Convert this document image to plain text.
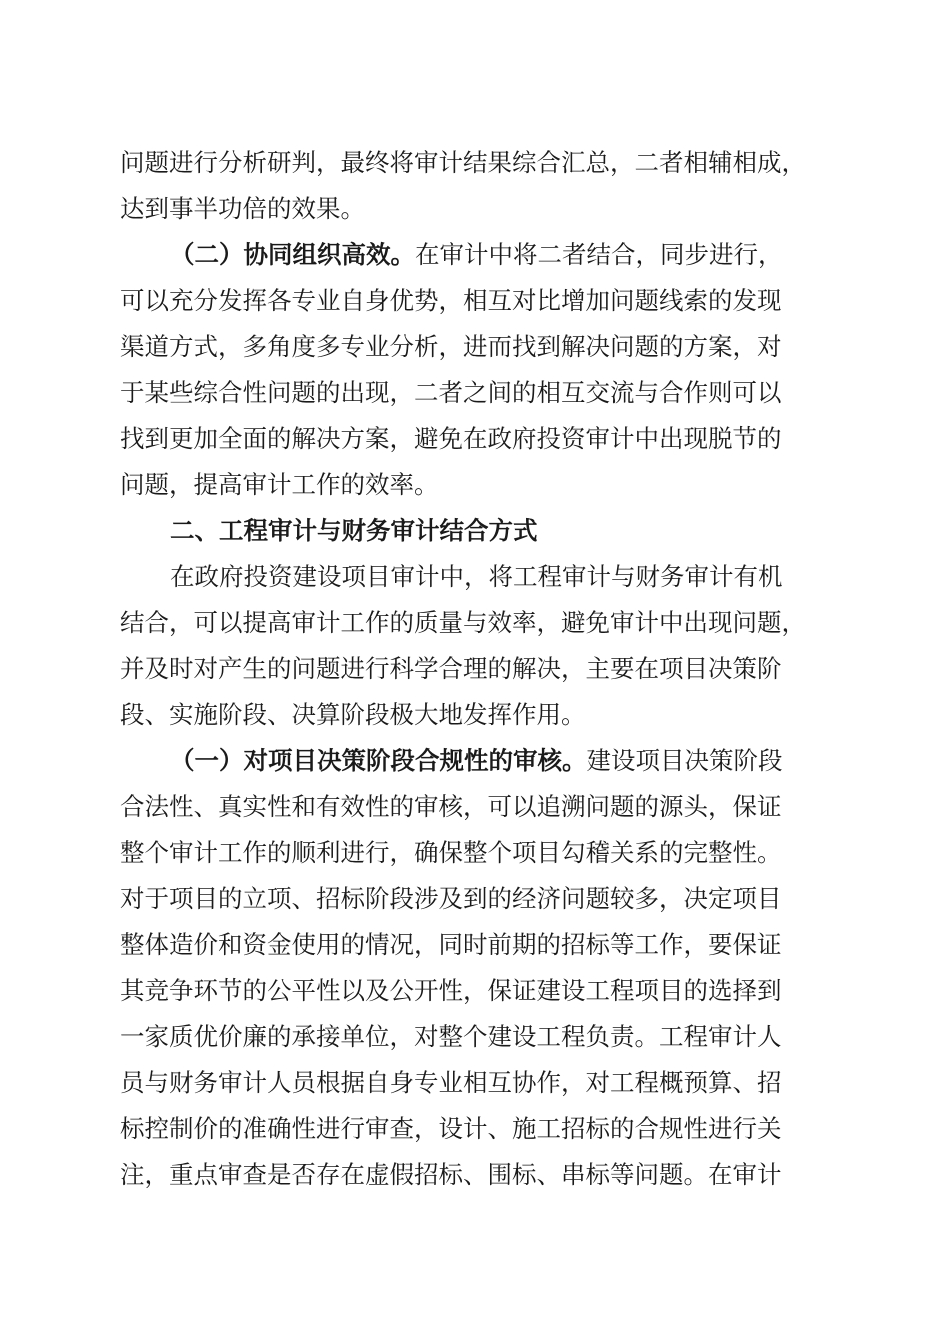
问题进行分析研判，最终将审计结果综合汇总，二者相辅相成，
达到事半功倍的效果。
（二）协同组织高效。在审计中将二者结合，同步进行，
可以充分发挥各专业自身优势，相互对比增加问题线索的发现
渠道方式，多角度多专业分析，进而找到解决问题的方案，对
于某些综合性问题的出现，二者之间的相互交流与合作则可以
找到更加全面的解决方案，避免在政府投资审计中出现脱节的
问题，提高审计工作的效率。
二、工程审计与财务审计结合方式
在政府投资建设项目审计中，将工程审计与财务审计有机
结合，可以提高审计工作的质量与效率，避免审计中出现问题，
并及时对产生的问题进行科学合理的解决，主要在项目决策阶
段、实施阶段、决算阶段极大地发挥作用。
（一）对项目决策阶段合规性的审核。建设项目决策阶段
合法性、真实性和有效性的审核，可以追溯问题的源头，保证
整个审计工作的顺利进行，确保整个项目勾稽关系的完整性。
对于项目的立项、招标阶段涉及到的经济问题较多，决定项目
整体造价和资金使用的情况，同时前期的招标等工作，要保证
其竞争环节的公平性以及公开性，保证建设工程项目的选择到
一家质优价廉的承接单位，对整个建设工程负责。工程审计人
员与财务审计人员根据自身专业相互协作，对工程概预算、招
标控制价的准确性进行审查，设计、施工招标的合规性进行关
注，重点审查是否存在虚假招标、围标、串标等问题。在审计
